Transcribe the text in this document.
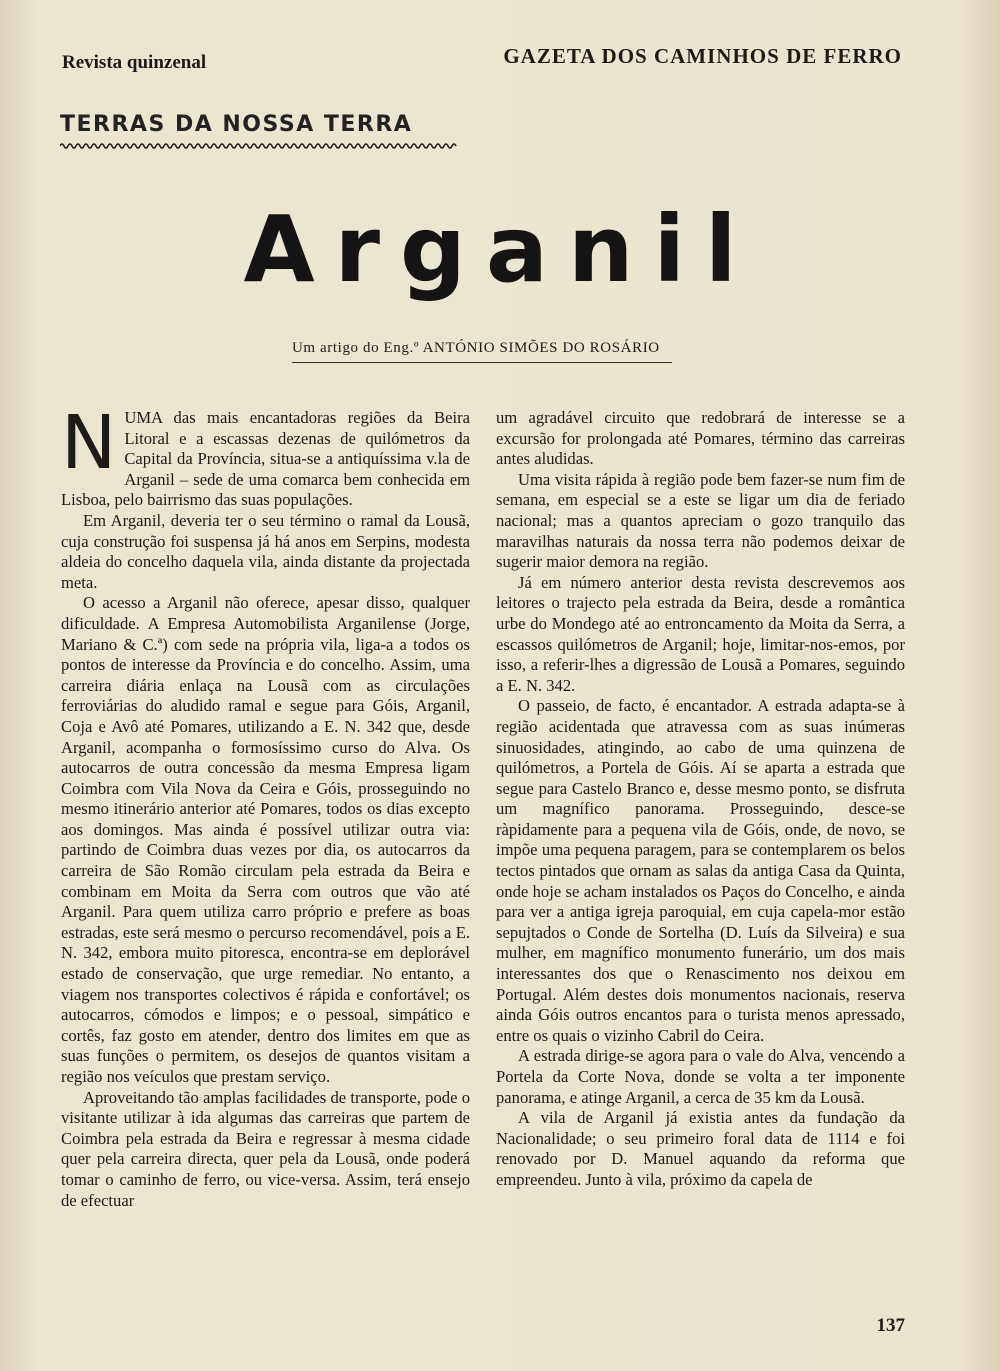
Revista quinzenal	GAZETA DOS CAMINHOS DE FERRO
TERRAS DA NOSSA TERRA
Arganil
Um artigo do Eng.º ANTÓNIO SIMÕES DO ROSÁRIO

NUMA das mais encantadoras regiões da Beira Litoral e a escassas dezenas de quilómetros da Capital da Província, situa-se a antiquíssima v.la de Arganil – sede de uma comarca bem conhecida em Lisboa, pelo bairrismo das suas populações.

Em Arganil, deveria ter o seu término o ramal da Lousã, cuja construção foi suspensa já há anos em Serpins, modesta aldeia do concelho daquela vila, ainda distante da projectada meta.

O acesso a Arganil não oferece, apesar disso, qualquer dificuldade. A Empresa Automobilista Arganilense (Jorge, Mariano & C.ª) com sede na própria vila, liga-a a todos os pontos de interesse da Província e do concelho. Assim, uma carreira diária enlaça na Lousã com as circulações ferroviárias do aludido ramal e segue para Góis, Arganil, Coja e Avô até Pomares, utilizando a E. N. 342 que, desde Arganil, acompanha o formosíssimo curso do Alva. Os autocarros de outra concessão da mesma Empresa ligam Coimbra com Vila Nova da Ceira e Góis, prosseguindo no mesmo itinerário anterior até Pomares, todos os dias excepto aos domingos. Mas ainda é possível utilizar outra via: partindo de Coimbra duas vezes por dia, os autocarros da carreira de São Romão circulam pela estrada da Beira e combinam em Moita da Serra com outros que vão até Arganil. Para quem utiliza carro próprio e prefere as boas estradas, este será mesmo o percurso recomendável, pois a E. N. 342, embora muito pitoresca, encontra-se em deplorável estado de conservação, que urge remediar. No entanto, a viagem nos transportes colectivos é rápida e confortável; os autocarros, cómodos e limpos; e o pessoal, simpático e cortês, faz gosto em atender, dentro dos limites em que as suas funções o permitem, os desejos de quantos visitam a região nos veículos que prestam serviço.

Aproveitando tão amplas facilidades de transporte, pode o visitante utilizar à ida algumas das carreiras que partem de Coimbra pela estrada da Beira e regressar à mesma cidade quer pela carreira directa, quer pela da Lousã, onde poderá tomar o caminho de ferro, ou vice-versa. Assim, terá ensejo de efectuar

um agradável circuito que redobrará de interesse se a excursão for prolongada até Pomares, término das carreiras antes aludidas.

Uma visita rápida à região pode bem fazer-se num fim de semana, em especial se a este se ligar um dia de feriado nacional; mas a quantos apreciam o gozo tranquilo das maravilhas naturais da nossa terra não podemos deixar de sugerir maior demora na região.

Já em número anterior desta revista descrevemos aos leitores o trajecto pela estrada da Beira, desde a romântica urbe do Mondego até ao entroncamento da Moita da Serra, a escassos quilómetros de Arganil; hoje, limitar-nos-emos, por isso, a referir-lhes a digressão de Lousã a Pomares, seguindo a E. N. 342.

O passeio, de facto, é encantador. A estrada adapta-se à região acidentada que atravessa com as suas inúmeras sinuosidades, atingindo, ao cabo de uma quinzena de quilómetros, a Portela de Góis. Aí se aparta a estrada que segue para Castelo Branco e, desse mesmo ponto, se disfruta um magnífico panorama. Prosseguindo, desce-se ràpidamente para a pequena vila de Góis, onde, de novo, se impõe uma pequena paragem, para se contemplarem os belos tectos pintados que ornam as salas da antiga Casa da Quinta, onde hoje se acham instalados os Paços do Concelho, e ainda para ver a antiga igreja paroquial, em cuja capela-mor estão sepujtados o Conde de Sortelha (D. Luís da Silveira) e sua mulher, em magnífico monumento funerário, um dos mais interessantes dos que o Renascimento nos deixou em Portugal. Além destes dois monumentos nacionais, reserva ainda Góis outros encantos para o turista menos apressado, entre os quais o vizinho Cabril do Ceira.

A estrada dirige-se agora para o vale do Alva, vencendo a Portela da Corte Nova, donde se volta a ter imponente panorama, e atinge Arganil, a cerca de 35 km da Lousã.

A vila de Arganil já existia antes da fundação da Nacionalidade; o seu primeiro foral data de 1114 e foi renovado por D. Manuel aquando da reforma que empreendeu. Junto à vila, próximo da capela de

137
